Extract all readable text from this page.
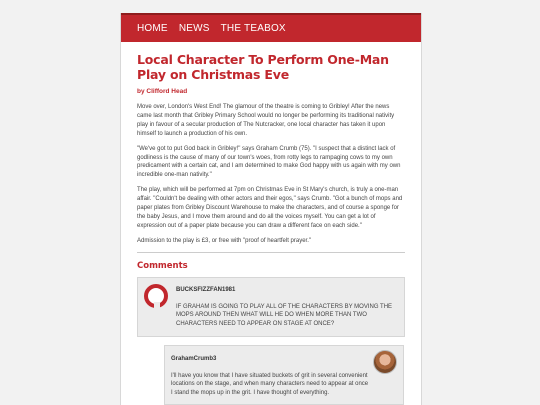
HOME NEWS THE TEABOX
Local Character To Perform One-Man Play on Christmas Eve

by Clifford Head

Move over, London's West End! The glamour of the theatre is coming to Gribley! After the news came last month that Gribley Primary School would no longer be performing its traditional nativity play in favour of a secular production of The Nutcracker, one local character has taken it upon himself to launch a production of his own.

"We've got to put God back in Gribley!" says Graham Crumb (75). "I suspect that a distinct lack of godliness is the cause of many of our town's woes, from rotty legs to rampaging cows to my own predicament with a certain cat, and I am determined to make God happy with us again with my own incredible one-man nativity."

The play, which will be performed at 7pm on Christmas Eve in St Mary's church, is truly a one-man affair. "Couldn't be dealing with other actors and their egos," says Crumb. "Got a bunch of mops and paper plates from Gribley Discount Warehouse to make the characters, and of course a sponge for the baby Jesus, and I move them around and do all the voices myself. You can get a lot of expression out of a paper plate because you can draw a different face on each side."

Admission to the play is £3, or free with "proof of heartfelt prayer."

Comments
BUCKSFIZZFAN1981
IF GRAHAM IS GOING TO PLAY ALL OF THE CHARACTERS BY MOVING THE MOPS AROUND THEN WHAT WILL HE DO WHEN MORE THAN TWO CHARACTERS NEED TO APPEAR ON STAGE AT ONCE?
GrahamCrumb3
I'll have you know that I have situated buckets of grit in several convenient locations on the stage, and when many characters need to appear at once I stand the mops up in the grit. I have thought of everything.
